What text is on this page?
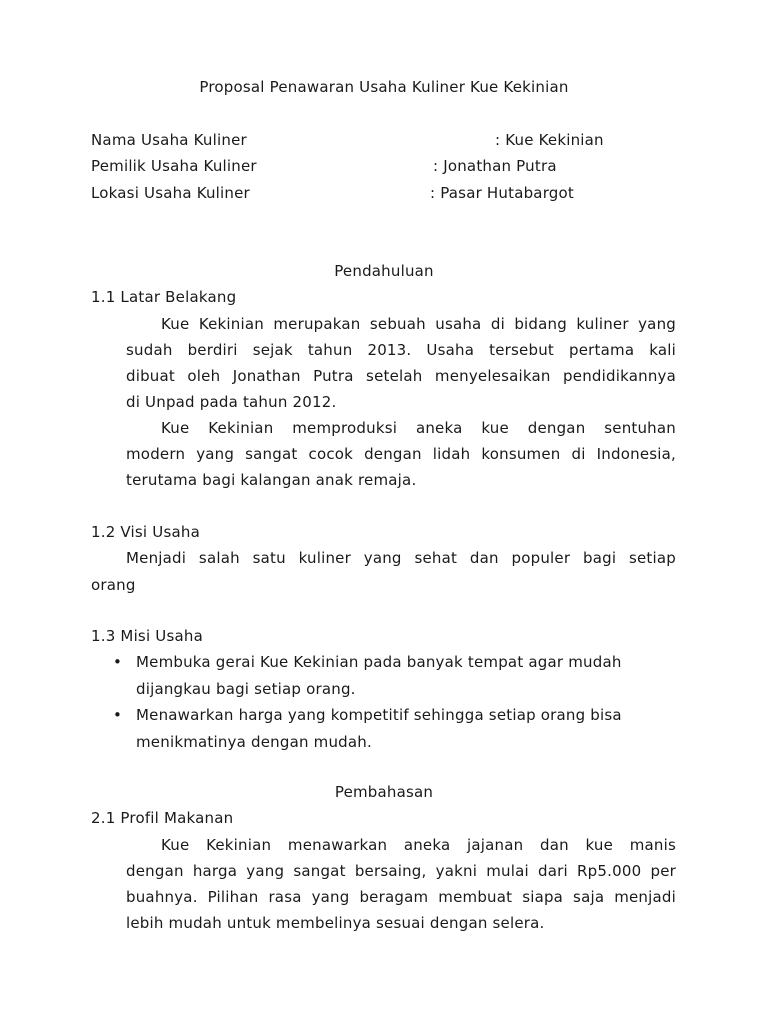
Proposal Penawaran Usaha Kuliner Kue Kekinian
Nama Usaha Kuliner	: Kue Kekinian
Pemilik Usaha Kuliner	: Jonathan Putra
Lokasi Usaha Kuliner	: Pasar Hutabargot
Pendahuluan
1.1 Latar Belakang
Kue Kekinian merupakan sebuah usaha di bidang kuliner yang
sudah berdiri sejak tahun 2013. Usaha tersebut pertama kali
dibuat oleh Jonathan Putra setelah menyelesaikan pendidikannya
di Unpad pada tahun 2012.
Kue Kekinian memproduksi aneka kue dengan sentuhan
modern yang sangat cocok dengan lidah konsumen di Indonesia,
terutama bagi kalangan anak remaja.
1.2 Visi Usaha
Menjadi salah satu kuliner yang sehat dan populer bagi setiap
orang
1.3 Misi Usaha
• Membuka gerai Kue Kekinian pada banyak tempat agar mudah
dijangkau bagi setiap orang.
• Menawarkan harga yang kompetitif sehingga setiap orang bisa
menikmatinya dengan mudah.
Pembahasan
2.1 Profil Makanan
Kue Kekinian menawarkan aneka jajanan dan kue manis
dengan harga yang sangat bersaing, yakni mulai dari Rp5.000 per
buahnya. Pilihan rasa yang beragam membuat siapa saja menjadi
lebih mudah untuk membelinya sesuai dengan selera.
